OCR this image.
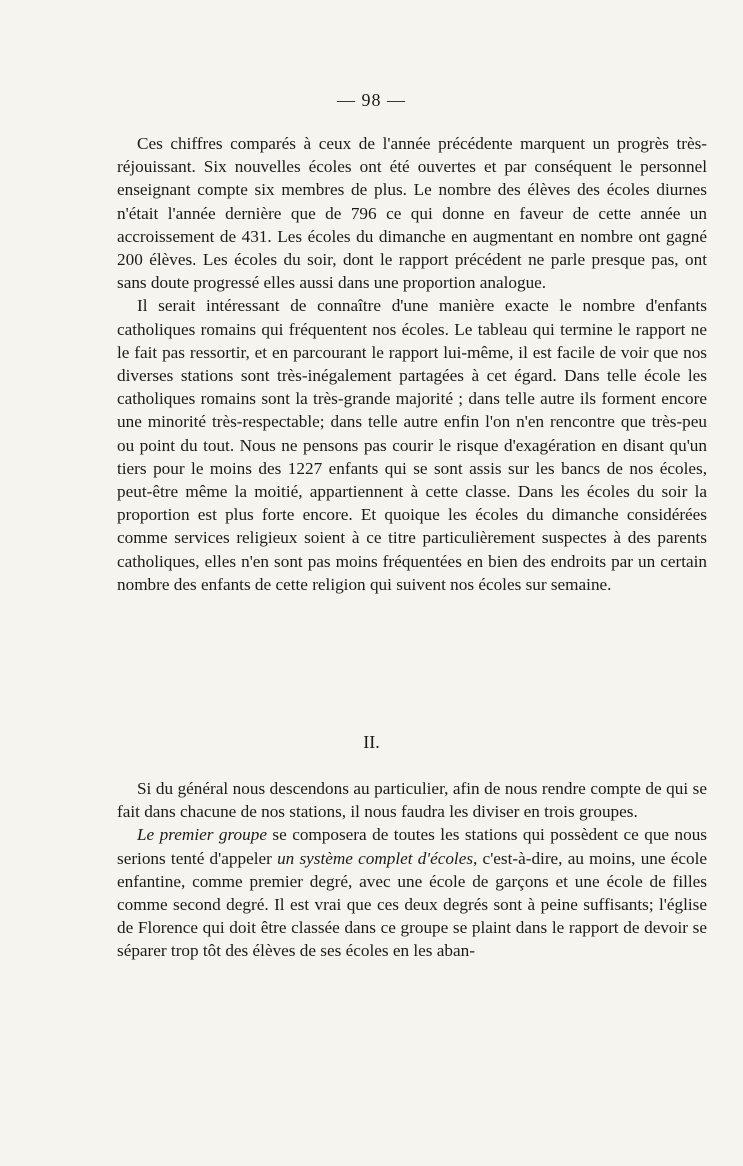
— 98 —

Ces chiffres comparés à ceux de l'année précédente marquent un progrès très-réjouissant. Six nouvelles écoles ont été ouvertes et par conséquent le personnel enseignant compte six membres de plus. Le nombre des élèves des écoles diurnes n'était l'année dernière que de 796 ce qui donne en faveur de cette année un accroissement de 431. Les écoles du dimanche en augmentant en nombre ont gagné 200 élèves. Les écoles du soir, dont le rapport précédent ne parle presque pas, ont sans doute progressé elles aussi dans une proportion analogue.

Il serait intéressant de connaître d'une manière exacte le nombre d'enfants catholiques romains qui fréquentent nos écoles. Le tableau qui termine le rapport ne le fait pas ressortir, et en parcourant le rapport lui-même, il est facile de voir que nos diverses stations sont très-inégalement partagées à cet égard. Dans telle école les catholiques romains sont la très-grande majorité ; dans telle autre ils forment encore une minorité très-respectable; dans telle autre enfin l'on n'en rencontre que très-peu ou point du tout. Nous ne pensons pas courir le risque d'exagération en disant qu'un tiers pour le moins des 1227 enfants qui se sont assis sur les bancs de nos écoles, peut-être même la moitié, appartiennent à cette classe. Dans les écoles du soir la proportion est plus forte encore. Et quoique les écoles du dimanche considérées comme services religieux soient à ce titre particulièrement suspectes à des parents catholiques, elles n'en sont pas moins fréquentées en bien des endroits par un certain nombre des enfants de cette religion qui suivent nos écoles sur semaine.

II.

Si du général nous descendons au particulier, afin de nous rendre compte de qui se fait dans chacune de nos stations, il nous faudra les diviser en trois groupes.

Le premier groupe se composera de toutes les stations qui possèdent ce que nous serions tenté d'appeler un système complet d'écoles, c'est-à-dire, au moins, une école enfantine, comme premier degré, avec une école de garçons et une école de filles comme second degré. Il est vrai que ces deux degrés sont à peine suffisants; l'église de Florence qui doit être classée dans ce groupe se plaint dans le rapport de devoir se séparer trop tôt des élèves de ses écoles en les aban-
